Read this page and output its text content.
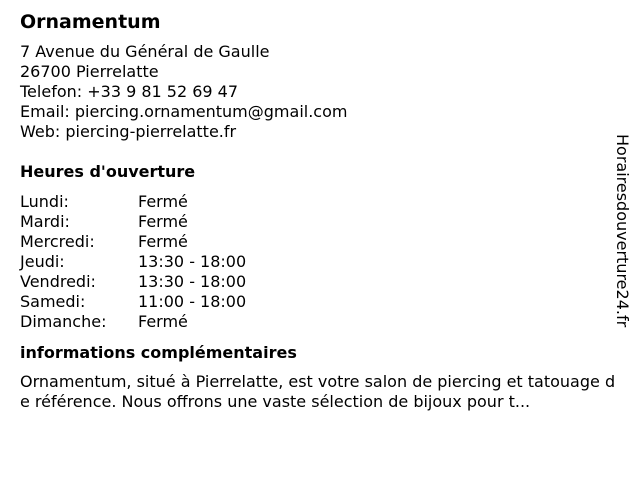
Ornamentum
7 Avenue du Général de Gaulle
26700 Pierrelatte
Telefon: +33 9 81 52 69 47
Email: piercing.ornamentum@gmail.com
Web: piercing-pierrelatte.fr
Heures d'ouverture
Lundi:	Fermé
Mardi:	Fermé
Mercredi:	Fermé
Jeudi:	13:30 - 18:00
Vendredi:	13:30 - 18:00
Samedi:	11:00 - 18:00
Dimanche:	Fermé
informations complémentaires
Ornamentum, situé à Pierrelatte, est votre salon de piercing et tatouage de référence. Nous offrons une vaste sélection de bijoux pour t...
Horairesdouverture24.fr
